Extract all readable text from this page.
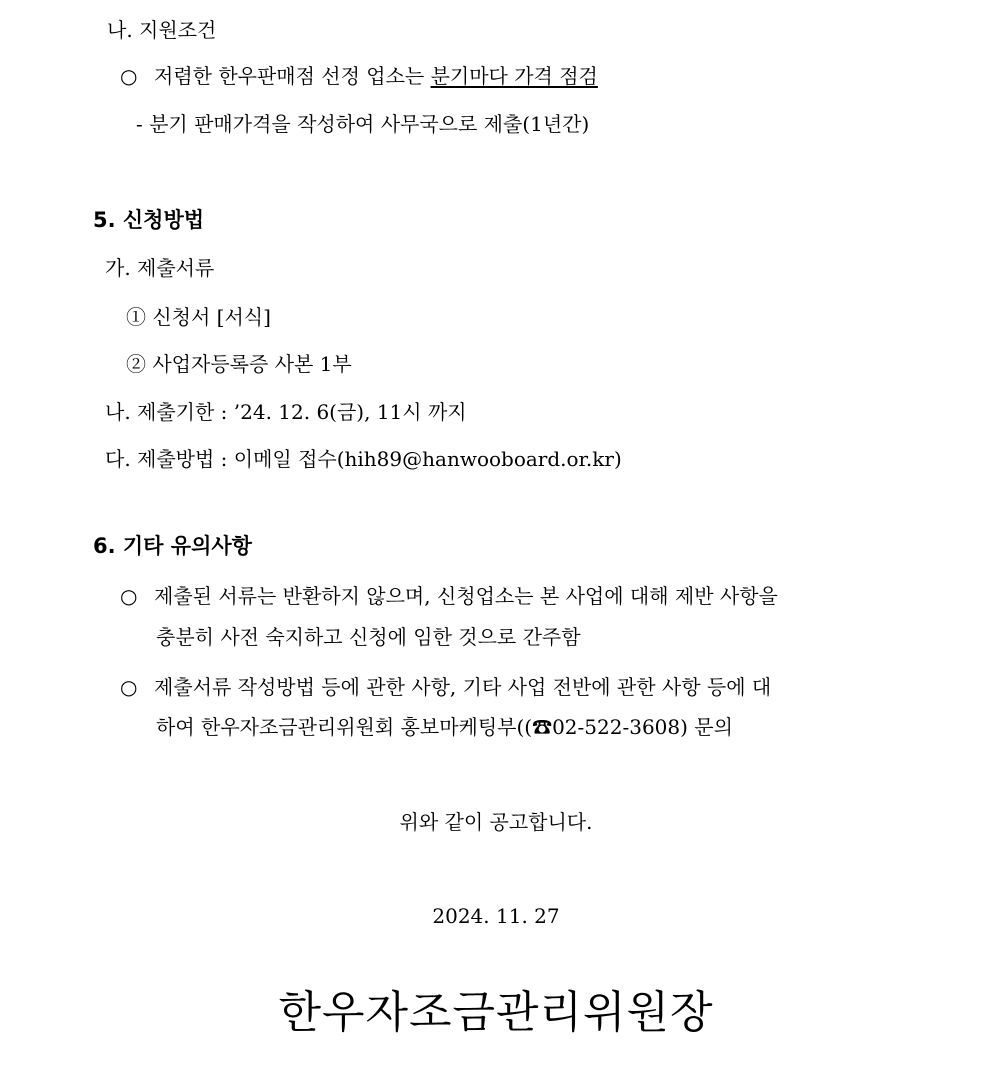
나. 지원조건
○ 저렴한 한우판매점 선정 업소는 분기마다 가격 점검
- 분기 판매가격을 작성하여 사무국으로 제출(1년간)
5. 신청방법
가. 제출서류
① 신청서 [서식]
② 사업자등록증 사본 1부
나. 제출기한 : ’24. 12. 6(금), 11시 까지
다. 제출방법 : 이메일 접수(hih89@hanwooboard.or.kr)
6. 기타 유의사항
○ 제출된 서류는 반환하지 않으며, 신청업소는 본 사업에 대해 제반 사항을
충분히 사전 숙지하고 신청에 임한 것으로 간주함
○ 제출서류 작성방법 등에 관한 사항, 기타 사업 전반에 관한 사항 등에 대
하여 한우자조금관리위원회 홍보마케팅부((☎02-522-3608) 문의
위와 같이 공고합니다.
2024. 11. 27
한우자조금관리위원장
